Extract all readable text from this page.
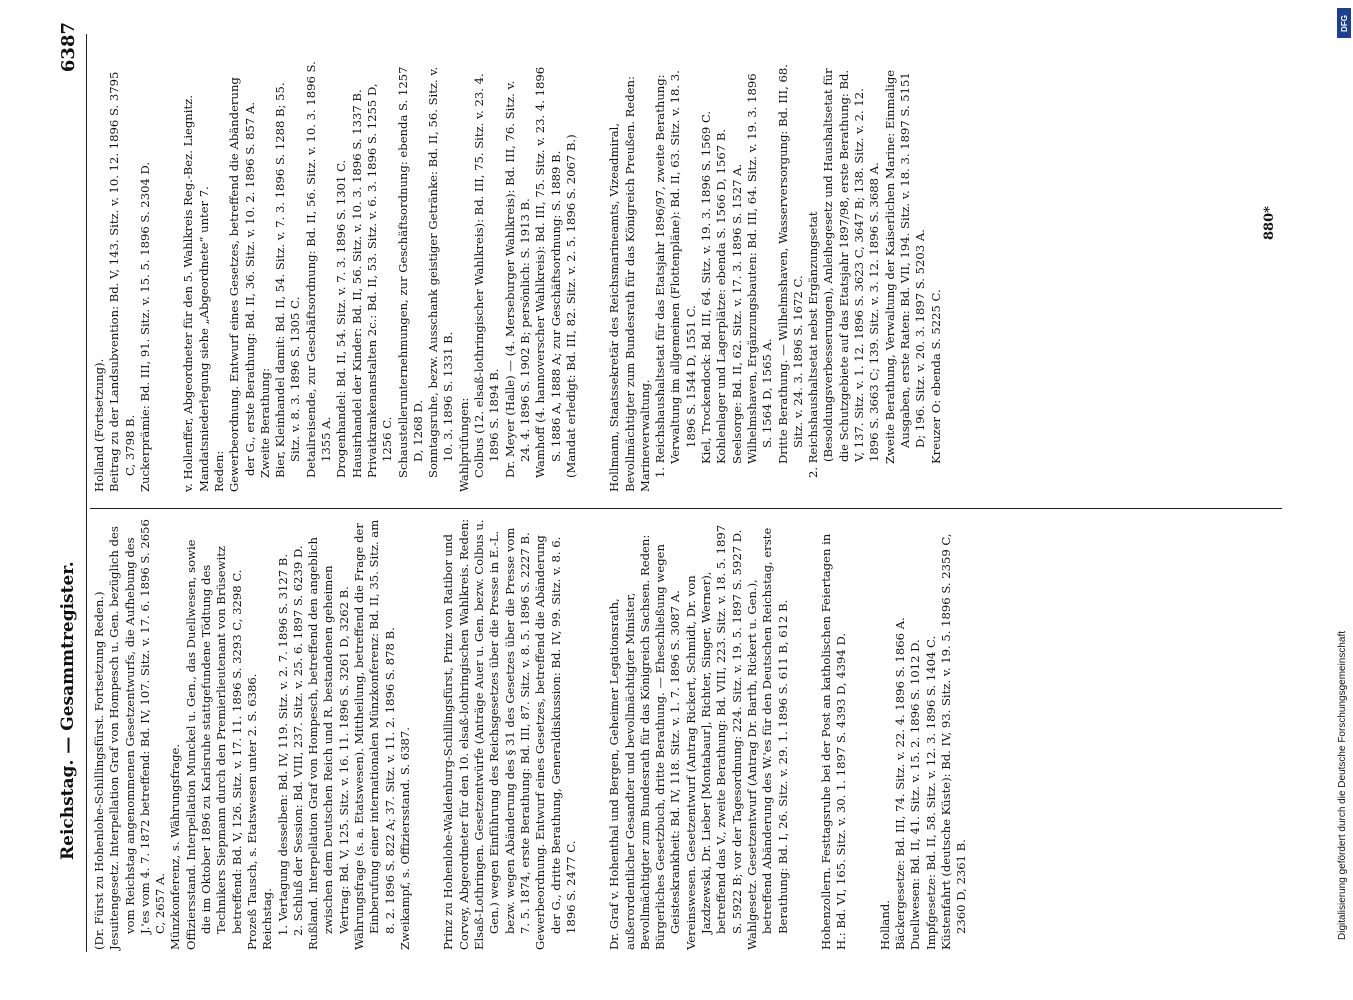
Reichstag. — Gesammtregister.
6387

(Dr. Fürst zu Hohenlohe-Schillingsfürst. Fortsetzung Reden.) Jesuitengesetz. Interpellation Graf von Hompesch u. Gen. bezüglich des vom Reichstag angenommenen Gesetzentwurfs, die Aufhebung des J.'es vom 4. 7. 1872 betreffend: Bd. IV, 107. Sitz. v. 17. 6. 1896 S. 2656 C, 2657 A. Münzkonferenz, s. Währungsfrage. Offiziersstand. Interpellation Munckel u. Gen., das Duellwesen, sowie die im Oktober 1896 zu Karlsruhe stattgefundene Tödtung des Technikers Siepmann durch den Premierlieutenant von Brüsewitz betreffend: Bd. V, 126. Sitz. v. 17. 11. 1896 S. 3293 C, 3298 C. Prozeß Tausch, s. Etatswesen unter 2. S. 6386. Reichstag. 1. Vertagung desselben: Bd. IV, 119. Sitz. v. 2. 7. 1896 S. 3127 B. 2. Schluß der Session: Bd. VIII, 237. Sitz. v. 25. 6. 1897 S. 6239 D. Rußland. Interpellation Graf von Hompesch, betreffend den angeblich zwischen dem Deutschen Reich und R. bestandenen geheimen Vertrag: Bd. V, 125. Sitz. v. 16. 11. 1896 S. 3261 D, 3262 B. Währungsfrage (s. a. Etatswesen). Mittheilung, betreffend die Frage der Einberufung einer internationalen Münzkonferenz: Bd. II, 35. Sitz. am 8. 2. 1896 S. 822 A; 37. Sitz. v. 11. 2. 1896 S. 878 B. Zweikampf, s. Offiziersstand. S. 6387.	Prinz zu Hohenlohe-Waldenburg-Schillingsfürst, Prinz von Ratibor und Corvey, Abgeordneter für den 10. elsaß-lothringischen Wahlkreis. Reden: Elsaß-Lothringen. Gesetzentwürfe (Anträge Auer u. Gen. bezw. Colbus u. Gen.) wegen Einführung des Reichsgesetzes über die Presse in E.-L. bezw. wegen Abänderung des § 31 des Gesetzes über die Presse vom 7. 5. 1874, erste Berathung: Bd. III, 87. Sitz. v. 8. 5. 1896 S. 2227 B. Gewerbeordnung. Entwurf eines Gesetzes, betreffend die Abänderung der G., dritte Berathung, Generaldiskussion: Bd. IV, 99. Sitz. v. 8. 6. 1896 S. 2477 C.	Dr. Graf v. Hohenthal und Bergen, Geheimer Legationsrath, außerordentlicher Gesandter und bevollmächtigter Minister, Bevollmächtigter zum Bundesrath für das Königreich Sachsen. Reden: Bürgerliches Gesetzbuch, dritte Berathung. — Eheschließung wegen Geisteskrankheit: Bd. IV, 118. Sitz. v. 1. 7. 1896 S. 3087 A. Vereinswesen. Gesetzentwurf (Antrag Rickert, Schmidt, Dr. von Jazdzewski, Dr. Lieber [Montabaur], Richter, Singer, Werner), betreffend das V., zweite Berathung: Bd. VIII, 223. Sitz. v. 18. 5. 1897 S. 5922 B; vor der Tagesordnung: 224. Sitz. v. 19. 5. 1897 S. 5927 D. Wahlgesetz. Gesetzentwurf (Antrag Dr. Barth, Rickert u. Gen.), betreffend Abänderung des W.'es für den Deutschen Reichstag, erste Berathung: Bd. I, 26. Sitz. v. 29. 1. 1896 S. 611 B, 612 B.	Hohenzollern. Festtagsruhe bei der Post an katholischen Feiertagen in H.: Bd. VI, 165. Sitz. v. 30. 1. 1897 S. 4393 D, 4394 D.	Holland. Bäckergesetze: Bd. III, 74. Sitz. v. 22. 4. 1896 S. 1866 A. Duellwesen: Bd. II, 41. Sitz. v. 15. 2. 1896 S. 1012 D. Impfgesetze: Bd. II, 58. Sitz. v. 12. 3. 1896 S. 1404 C. Küstenfahrt (deutsche Küste): Bd. IV, 93. Sitz. v. 19. 5. 1896 S. 2359 C, 2360 D, 2361 B.

Holland (Fortsetzung). Beitrag zu der Landsubvention: Bd. V, 143. Sitz. v. 10. 12. 1896 S. 3795 C, 3798 B. Zuckerprämie: Bd. III, 91. Sitz. v. 15. 5. 1896 S. 2304 D.	v. Hollenffer, Abgeordneter für den 5. Wahlkreis Reg.-Bez. Liegnitz. Mandatsniederlegung siehe „Abgeordnete“ unter 7. Reden: Gewerbeordnung. Entwurf eines Gesetzes, betreffend die Abänderung der G., erste Berathung: Bd. II, 36. Sitz. v. 10. 2. 1896 S. 857 A. Zweite Berathung: Bier, Kleinhandel damit: Bd. II, 54. Sitz. v. 7. 3. 1896 S. 1288 B; 55. Sitz. v. 8. 3. 1896 S. 1305 C. Detailreisende, zur Geschäftsordnung: Bd. II, 56. Sitz. v. 10. 3. 1896 S. 1355 A. Drogenhandel: Bd. II, 54. Sitz. v. 7. 3. 1896 S. 1301 C. Hausirhandel der Kinder: Bd. II, 56. Sitz. v. 10. 3. 1896 S. 1337 B. Privatkrankenanstalten 2c.: Bd. II, 53. Sitz. v. 6. 3. 1896 S. 1255 D, 1256 C. Schaustellerunternehmungen, zur Geschäftsordnung: ebenda S. 1257 D, 1268 D. Sonntagsruhe, bezw. Ausschank geistiger Getränke: Bd. II, 56. Sitz. v. 10. 3. 1896 S. 1331 B. Wahlprüfungen: Colbus (12. elsaß-lothringischer Wahlkreis): Bd. III, 75. Sitz. v. 23. 4. 1896 S. 1894 B. Dr. Meyer (Halle) — (4. Merseburger Wahlkreis): Bd. III, 76. Sitz. v. 24. 4. 1896 S. 1902 B; persönlich: S. 1913 B. Wamhoff (4. hannoverscher Wahlkreis): Bd. III, 75. Sitz. v. 23. 4. 1896 S. 1886 A, 1888 A; zur Geschäftsordnung: S. 1889 B. (Mandat erledigt: Bd. III, 82. Sitz. v. 2. 5. 1896 S. 2067 B.)	Hollmann, Staatssekretär des Reichsmarineamts, Vizeadmiral, Bevollmächtigter zum Bundesrath für das Königreich Preußen. Reden: Marineverwaltung. 1. Reichshaushaltsetat für das Etatsjahr 1896/97, zweite Berathung: Verwaltung im allgemeinen (Flottenpläne): Bd. II, 63. Sitz. v. 18. 3. 1896 S. 1544 D, 1551 C. Kiel, Trockendock: Bd. III, 64. Sitz. v. 19. 3. 1896 S. 1569 C. Kohlenlager und Lagerplätze: ebenda S. 1566 D, 1567 B. Seelsorge: Bd. II, 62. Sitz. v. 17. 3. 1896 S. 1527 A. Wilhelmshaven, Ergänzungsbauten: Bd. III, 64. Sitz. v. 19. 3. 1896 S. 1564 D, 1565 A. Dritte Berathung. — Wilhelmshaven, Wasserversorgung: Bd. III, 68. Sitz. v. 24. 3. 1896 S. 1672 C. 2. Reichshaushaltsetat nebst Ergänzungsetat (Besoldungsverbesserungen), Anleihegesetz und Haushaltsetat für die Schutzgebiete auf das Etatsjahr 1897/98, erste Berathung: Bd. V, 137. Sitz. v. 1. 12. 1896 S. 3623 C, 3647 B; 138. Sitz. v. 2. 12. 1896 S. 3663 C; 139. Sitz. v. 3. 12. 1896 S. 3688 A. Zweite Berathung, Verwaltung der Kaiserlichen Marine: Einmalige Ausgaben, erste Raten: Bd. VII, 194. Sitz. v. 18. 3. 1897 S. 5151 D; 196. Sitz. v. 20. 3. 1897 S. 5203 A. Kreuzer O: ebenda S. 5225 C.

880*
DFG
Digitalisierung gefördert durch die Deutsche Forschungsgemeinschaft
